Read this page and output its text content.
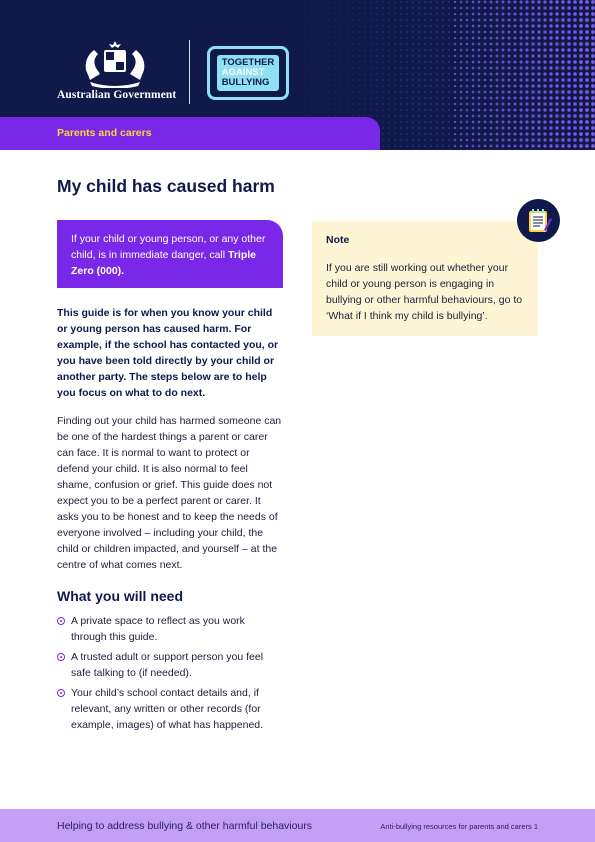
Australian Government
TOGETHER
AGAINST
BULLYING
Parents and carers
My child has caused harm
If your child or young person, or any other child, is in immediate danger, call Triple Zero (000).

This guide is for when you know your child or young person has caused harm. For example, if the school has contacted you, or you have been told directly by your child or another party. The steps below are to help you focus on what to do next.

Finding out your child has harmed someone can be one of the hardest things a parent or carer can face. It is normal to want to protect or defend your child. It is also normal to feel shame, confusion or grief. This guide does not expect you to be a perfect parent or carer. It asks you to be honest and to keep the needs of everyone involved – including your child, the child or children impacted, and yourself – at the centre of what comes next.

What you will need
A private space to reflect as you work through this guide.
A trusted adult or support person you feel safe talking to (if needed).
Your child’s school contact details and, if relevant, any written or other records (for example, images) of what has happened.
Note
If you are still working out whether your child or young person is engaging in bullying or other harmful behaviours, go to ‘What if I think my child is bullying’.
Helping to address bullying & other harmful behaviours	Anti-bullying resources for parents and carers 1
